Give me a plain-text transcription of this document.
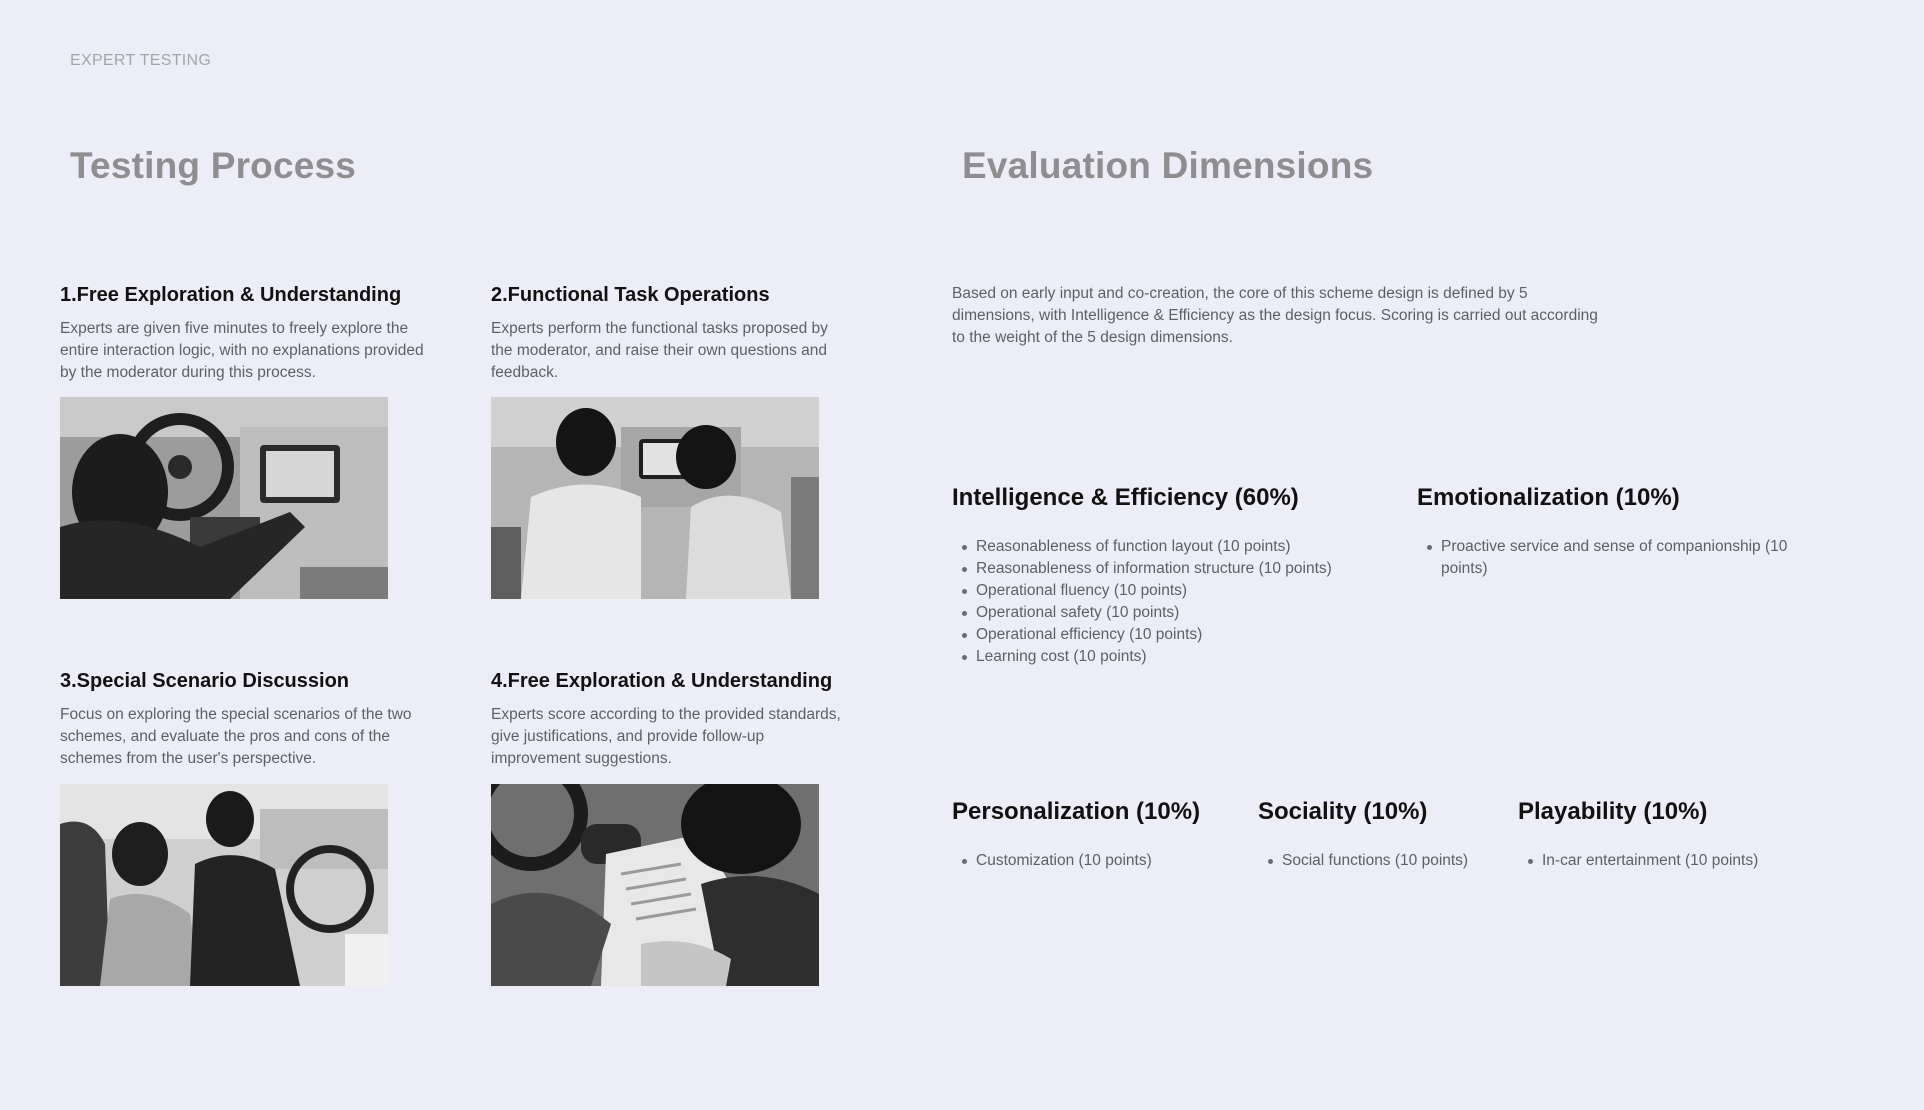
EXPERT TESTING
Testing Process	Evaluation Dimensions
1.Free Exploration & Understanding
Experts are given five minutes to freely explore the entire interaction logic, with no explanations provided by the moderator during this process.
2.Functional Task Operations
Experts perform the functional tasks proposed by the moderator, and raise their own questions and feedback.
3.Special Scenario Discussion
Focus on exploring the special scenarios of the two schemes, and evaluate the pros and cons of the schemes from the user's perspective.
4.Free Exploration & Understanding
Experts score according to the provided standards, give justifications, and provide follow-up improvement suggestions.
Based on early input and co-creation, the core of this scheme design is defined by 5 dimensions, with Intelligence & Efficiency as the design focus. Scoring is carried out according to the weight of the 5 design dimensions.
Intelligence & Efficiency (60%)
Reasonableness of function layout (10 points)
Reasonableness of information structure (10 points)
Operational fluency (10 points)
Operational safety (10 points)
Operational efficiency (10 points)
Learning cost (10 points)
Emotionalization (10%)
Proactive service and sense of companionship (10 points)
Personalization (10%)
Customization (10 points)
Sociality (10%)
Social functions (10 points)
Playability (10%)
In-car entertainment (10 points)
